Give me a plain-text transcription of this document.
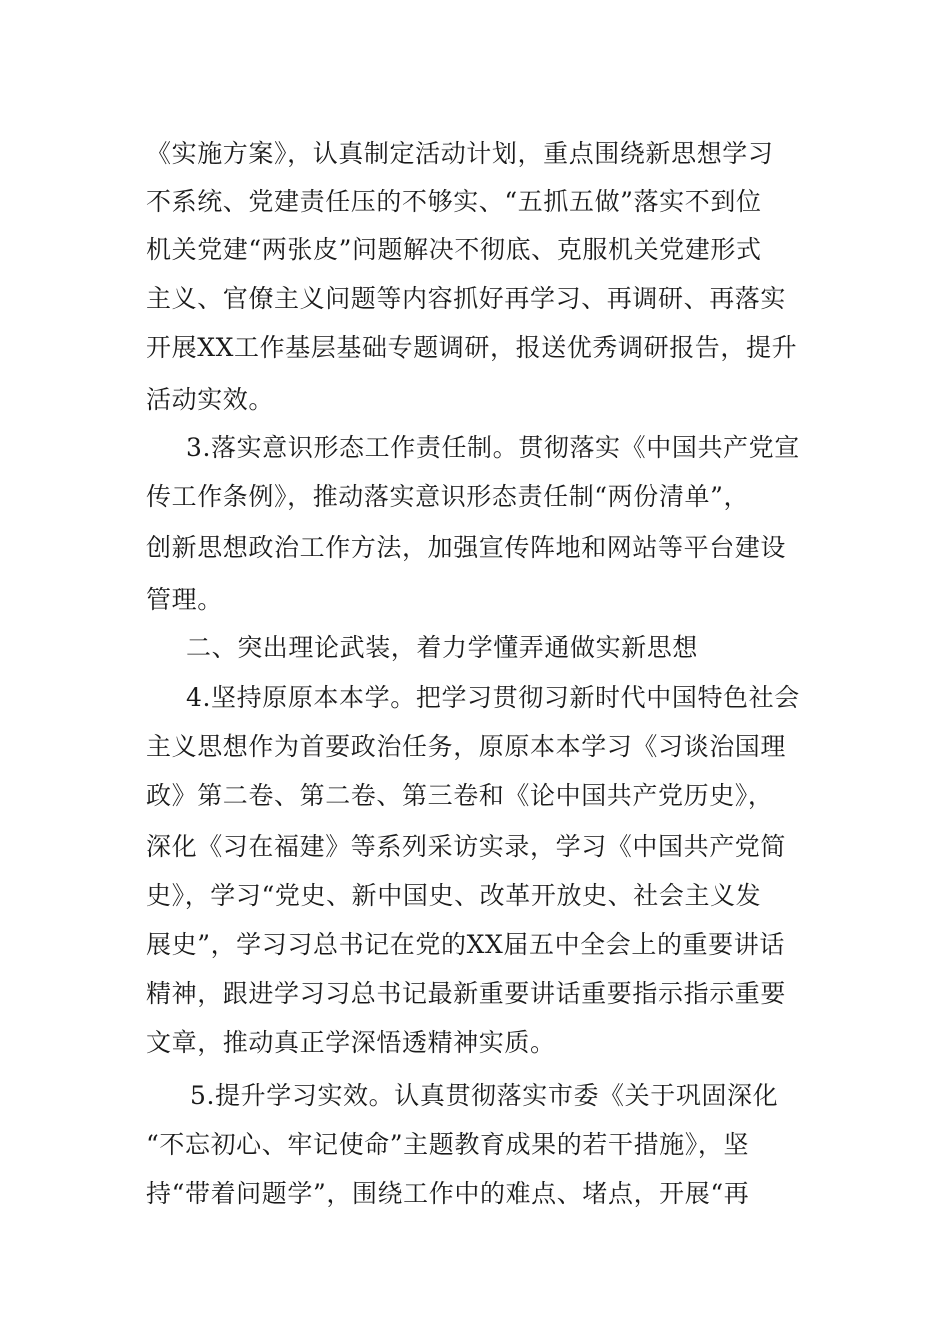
《实施方案》，认真制定活动计划，重点围绕新思想学习
不系统、党建责任压的不够实、“五抓五做”落实不到位
机关党建“两张皮”问题解决不彻底、克服机关党建形式
主义、官僚主义问题等内容抓好再学习、再调研、再落实
开展XX工作基层基础专题调研，报送优秀调研报告，提升
活动实效。
3.落实意识形态工作责任制。贯彻落实《中国共产党宣
传工作条例》，推动落实意识形态责任制“两份清单”，
创新思想政治工作方法，加强宣传阵地和网站等平台建设
管理。
二、突出理论武装，着力学懂弄通做实新思想
4.坚持原原本本学。把学习贯彻习新时代中国特色社会
主义思想作为首要政治任务，原原本本学习《习谈治国理
政》第二卷、第二卷、第三卷和《论中国共产党历史》，
深化《习在福建》等系列采访实录，学习《中国共产党简
史》，学习“党史、新中国史、改革开放史、社会主义发
展史”，学习习总书记在党的XX届五中全会上的重要讲话
精神，跟进学习习总书记最新重要讲话重要指示指示重要
文章，推动真正学深悟透精神实质。
5.提升学习实效。认真贯彻落实市委《关于巩固深化
“不忘初心、牢记使命”主题教育成果的若干措施》，坚
持“带着问题学”，围绕工作中的难点、堵点，开展“再
